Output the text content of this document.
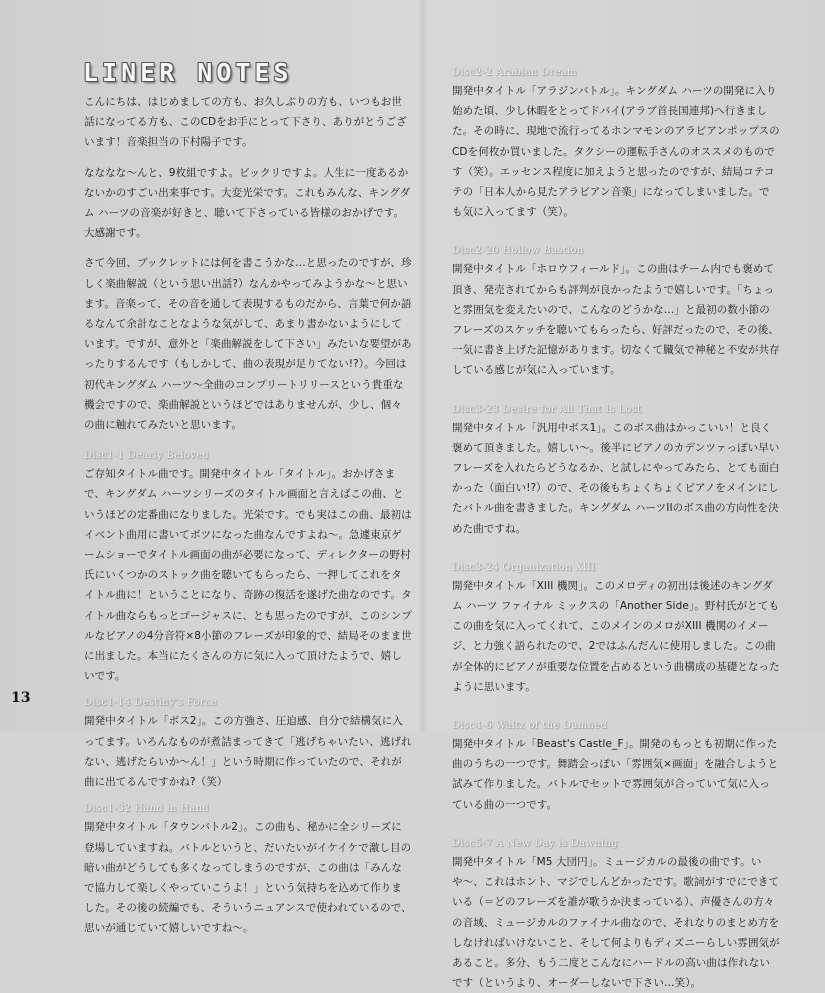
LINER NOTES

こんにちは、はじめましての方も、お久しぶりの方も、いつもお世話になってる方も、このCDをお手にとって下さり、ありがとうございます！音楽担当の下村陽子です。

なななな〜んと、9枚組ですよ。ビックリですよ。人生に一度あるかないかのすごい出来事です。大変光栄です。これもみんな、キングダム ハーツの音楽が好きと、聴いて下さっている皆様のおかげです。大感謝です。

さて今回、ブックレットには何を書こうかな…と思ったのですが、珍しく楽曲解説（という思い出話?）なんかやってみようかな〜と思います。音楽って、その音を通して表現するものだから、言葉で何か語るなんて余計なことなような気がして、あまり書かないようにしています。ですが、意外と「楽曲解説をして下さい」みたいな要望があったりするんです（もしかして、曲の表現が足りてない!?）。今回は初代キングダム ハーツ〜全曲のコンプリートリリースという貴重な機会ですので、楽曲解説というほどではありませんが、少し、個々の曲に触れてみたいと思います。

Disc1-1 Dearly Beloved

ご存知タイトル曲です。開発中タイトル「タイトル」。おかげさまで、キングダム ハーツシリーズのタイトル画面と言えばこの曲、というほどの定番曲になりました。光栄です。でも実はこの曲、最初はイベント曲用に書いてボツになった曲なんですよね〜。急遽東京ゲームショーでタイトル画面の曲が必要になって、ディレクターの野村氏にいくつかのストック曲を聴いてもらったら、一押してこれをタイトル曲に！ということになり、奇跡の復活を遂げた曲なのです。タイトル曲ならもっとゴージャスに、とも思ったのですが、このシンプルなピアノの4分音符×8小節のフレーズが印象的で、結局そのまま世に出ました。本当にたくさんの方に気に入って頂けたようで、嬉しいです。

Disc1-14 Destiny's Force

開発中タイトル「ボス2」。この方強さ、圧迫感、自分で結構気に入ってます。いろんなものが煮詰まってきて「逃げちゃいたい、逃げれない、逃げたらいか〜ん！」という時期に作っていたので、それが曲に出てるんですかね?（笑）

Disc1-32 Hand in Hand

開発中タイトル「タウンバトル2」。この曲も、秘かに全シリーズに登場していますね。バトルというと、だいたいがイケイケで激し目の暗い曲がどうしても多くなってしまうのですが、この曲は「みんなで協力して楽しくやっていこうよ！」という気持ちを込めて作りました。その後の続編でも、そういうニュアンスで使われているので、思いが通じていて嬉しいですね〜。

Disc2-2 Arabian Dream

開発中タイトル「アラジンバトル」。キングダム ハーツの開発に入り始めた頃、少し休暇をとってドバイ(アラブ首長国連邦)へ行きました。その時に、現地で流行ってるホンマモンのアラビアンポップスのCDを何枚か買いました。タクシーの運転手さんのオススメのものです（笑）。エッセンス程度に加えようと思ったのですが、結局コテコテの「日本人から見たアラビアン音楽」になってしまいました。でも気に入ってます（笑）。

Disc2-20 Hollow Bastion

開発中タイトル「ホロウフィールド」。この曲はチーム内でも褒めて頂き、発売されてからも評判が良かったようで嬉しいです。「ちょっと雰囲気を変えたいので、こんなのどうかな…」と最初の数小節のフレーズのスケッチを聴いてもらったら、好評だったので、その後、一気に書き上げた記憶があります。切なくて臓気で神秘と不安が共存している感じが気に入っています。

Disc3-23 Desire for All That Is Lost

開発中タイトル「汎用中ボス1」。このボス曲はかっこいい！と良く褒めて頂きました。嬉しい〜。後半にピアノのカデンツァっぽい早いフレーズを入れたらどうなるか、と試しにやってみたら、とても面白かった（面白い!?）ので、その後もちょくちょくピアノをメインにしたバトル曲を書きました。キングダム ハーツIIのボス曲の方向性を決めた曲ですね。

Disc3-24 Organization XIII

開発中タイトル「XIII 機関」。このメロディの初出は後述のキングダム ハーツ ファイナル ミックスの「Another Side」。野村氏がとてもこの曲を気に入ってくれて、このメインのメロがXIII 機関のイメージ、と力強く語られたので、2ではふんだんに使用しました。この曲が全体的にピアノが重要な位置を占めるという曲構成の基礎となったように思います。

Disc4-6 Waltz of the Damned

開発中タイトル「Beast's Castle_F」。開発のもっとも初期に作った曲のうちの一つです。舞踏会っぽい「雰囲気×画面」を融合しようと試みて作りました。バトルでセットで雰囲気が合っていて気に入っている曲の一つです。

Disc5-7 A New Day is Dawning

開発中タイトル「M5 大団円」。ミュージカルの最後の曲です。いや〜、これはホント、マジでしんどかったです。歌詞がすでにできている（＝どのフレーズを誰が歌うか決まっている）、声優さんの方々の音域、ミュージカルのファイナル曲なので、それなりのまとめ方をしなければいけないこと、そして何よりもディズニーらしい雰囲気があること。多分、もう二度とこんなにハードルの高い曲は作れないです（というより、オーダーしないで下さい…笑）。

13
